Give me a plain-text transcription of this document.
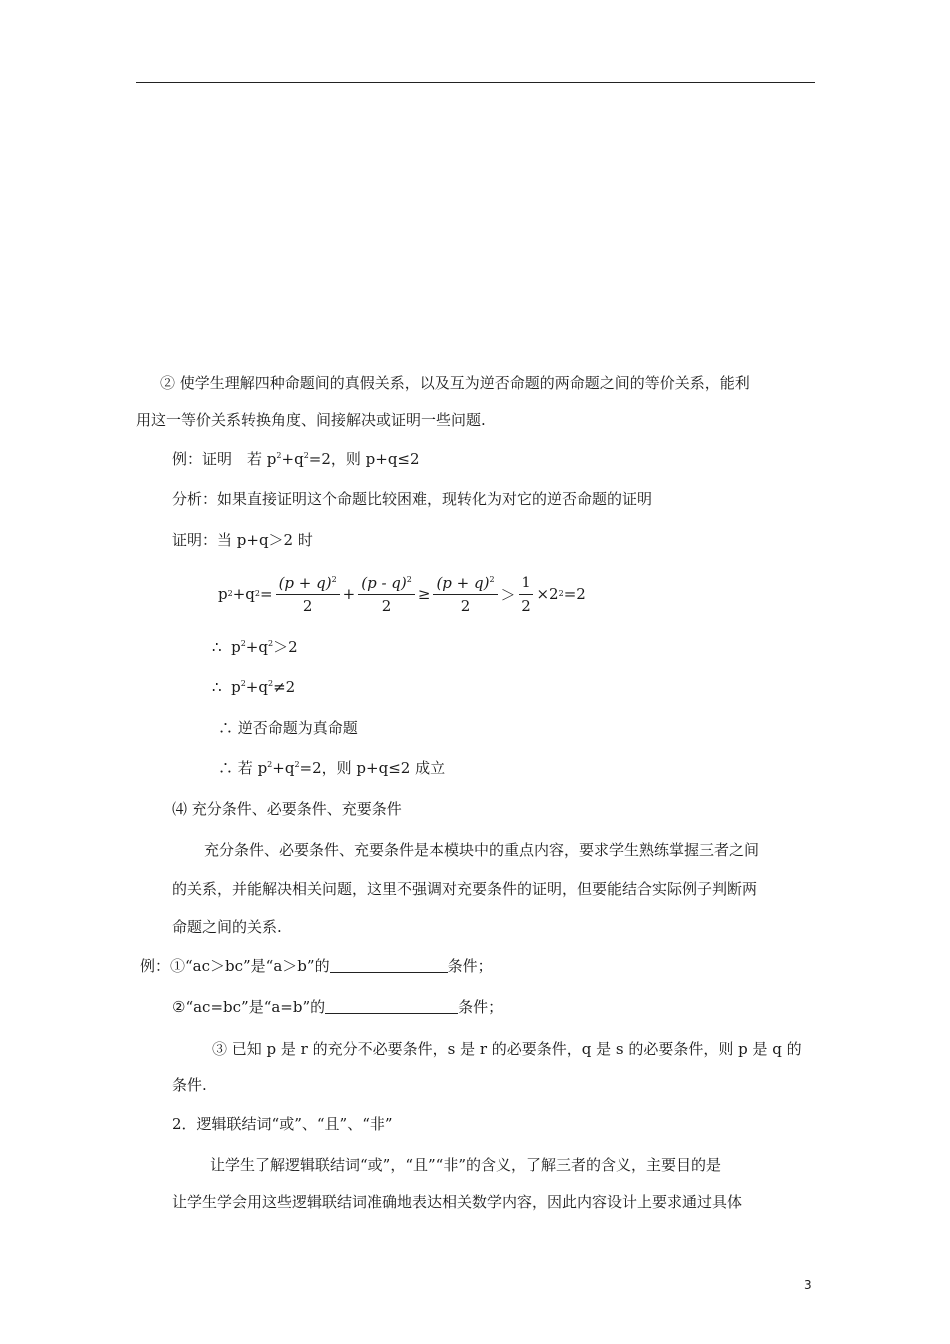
② 使学生理解四种命题间的真假关系，以及互为逆否命题的两命题之间的等价关系，能利
用这一等价关系转换角度、间接解决或证明一些问题.
例：证明　若 $p^2+q^2=2$，则 p+q≤2
分析：如果直接证明这个命题比较困难，现转化为对它的逆否命题的证明
证明：当 p+q＞2 时
p 2 + q $2 = \frac{(p + q)^2}{2} + \frac{(p - q)^2}{2} \ge \frac{(p + q)^2}{2} > \frac{1}{2} \times 2$ 2 =2
∴ $p^2+q^2>2$
∴ $p^2+q^2\ne 2$
∴ 逆否命题为真命题
∴ 若 $p^2+q^2=2$，则 p+q≤2 成立
⑷ 充分条件、必要条件、充要条件
充分条件、必要条件、充要条件是本模块中的重点内容，要求学生熟练掌握三者之间
的关系，并能解决相关问题，这里不强调对充要条件的证明，但要能结合实际例子判断两
命题之间的关系.
例：①“ac＞bc”是“a＞b”的	条件；
②“ac=bc”是“a=b”的	条件；
③ 已知 p 是 r 的充分不必要条件，s 是 r 的必要条件，q 是 s 的必要条件，则 p 是 q 的
条件.
2．逻辑联结词“或”、“且”、“非”
让学生了解逻辑联结词“或”，“且”“非”的含义，了解三者的含义，主要目的是
让学生学会用这些逻辑联结词准确地表达相关数学内容，因此内容设计上要求通过具体
3
